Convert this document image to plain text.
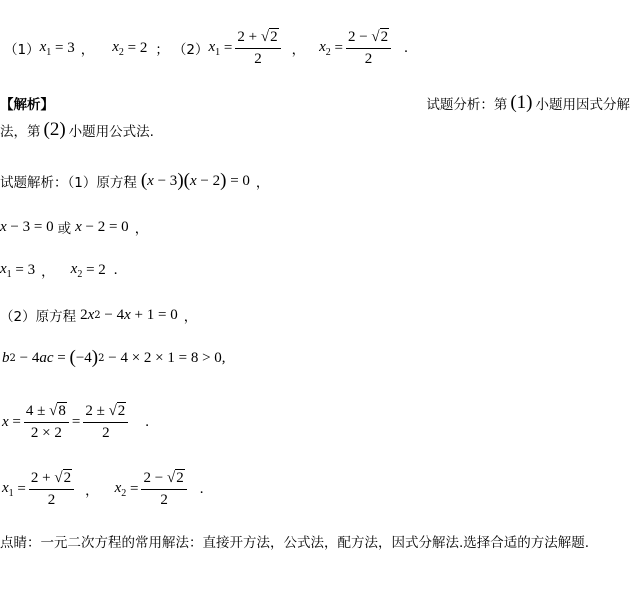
（1） $x_1 = 3$ ， $x_2 = 2$ ； （2） $x_1 = \frac{2 + √2}{2}$ ， $x_2 = \frac{2 - √2}{2}$ .
【解析】	试题分析：第 (1) 小题用因式分解
法，第 (2) 小题用公式法.
试题解析：（1）原方程 ( x − 3 )( x − 2 ) = 0 ，
x − 3 = 0 或 x − 2 = 0 ，
$x_1 = 3$ ， $x_2 = 2$ .
（2）原方程 2 x 2 − 4 x + 1 = 0 ，
b 2 − 4 ac = ( −4 ) 2 − 4 × 2 × 1 = 8 > 0,
$x = \frac{4 \pm √8}{2 \times 2} = \frac{2 \pm √2}{2}$ .
$x_1 = \frac{2 + √2}{2}$ ， $x_2 = \frac{2 - √2}{2}$ .
点睛：一元二次方程的常用解法：直接开方法，公式法，配方法，因式分解法.选择合适的方法解题.
